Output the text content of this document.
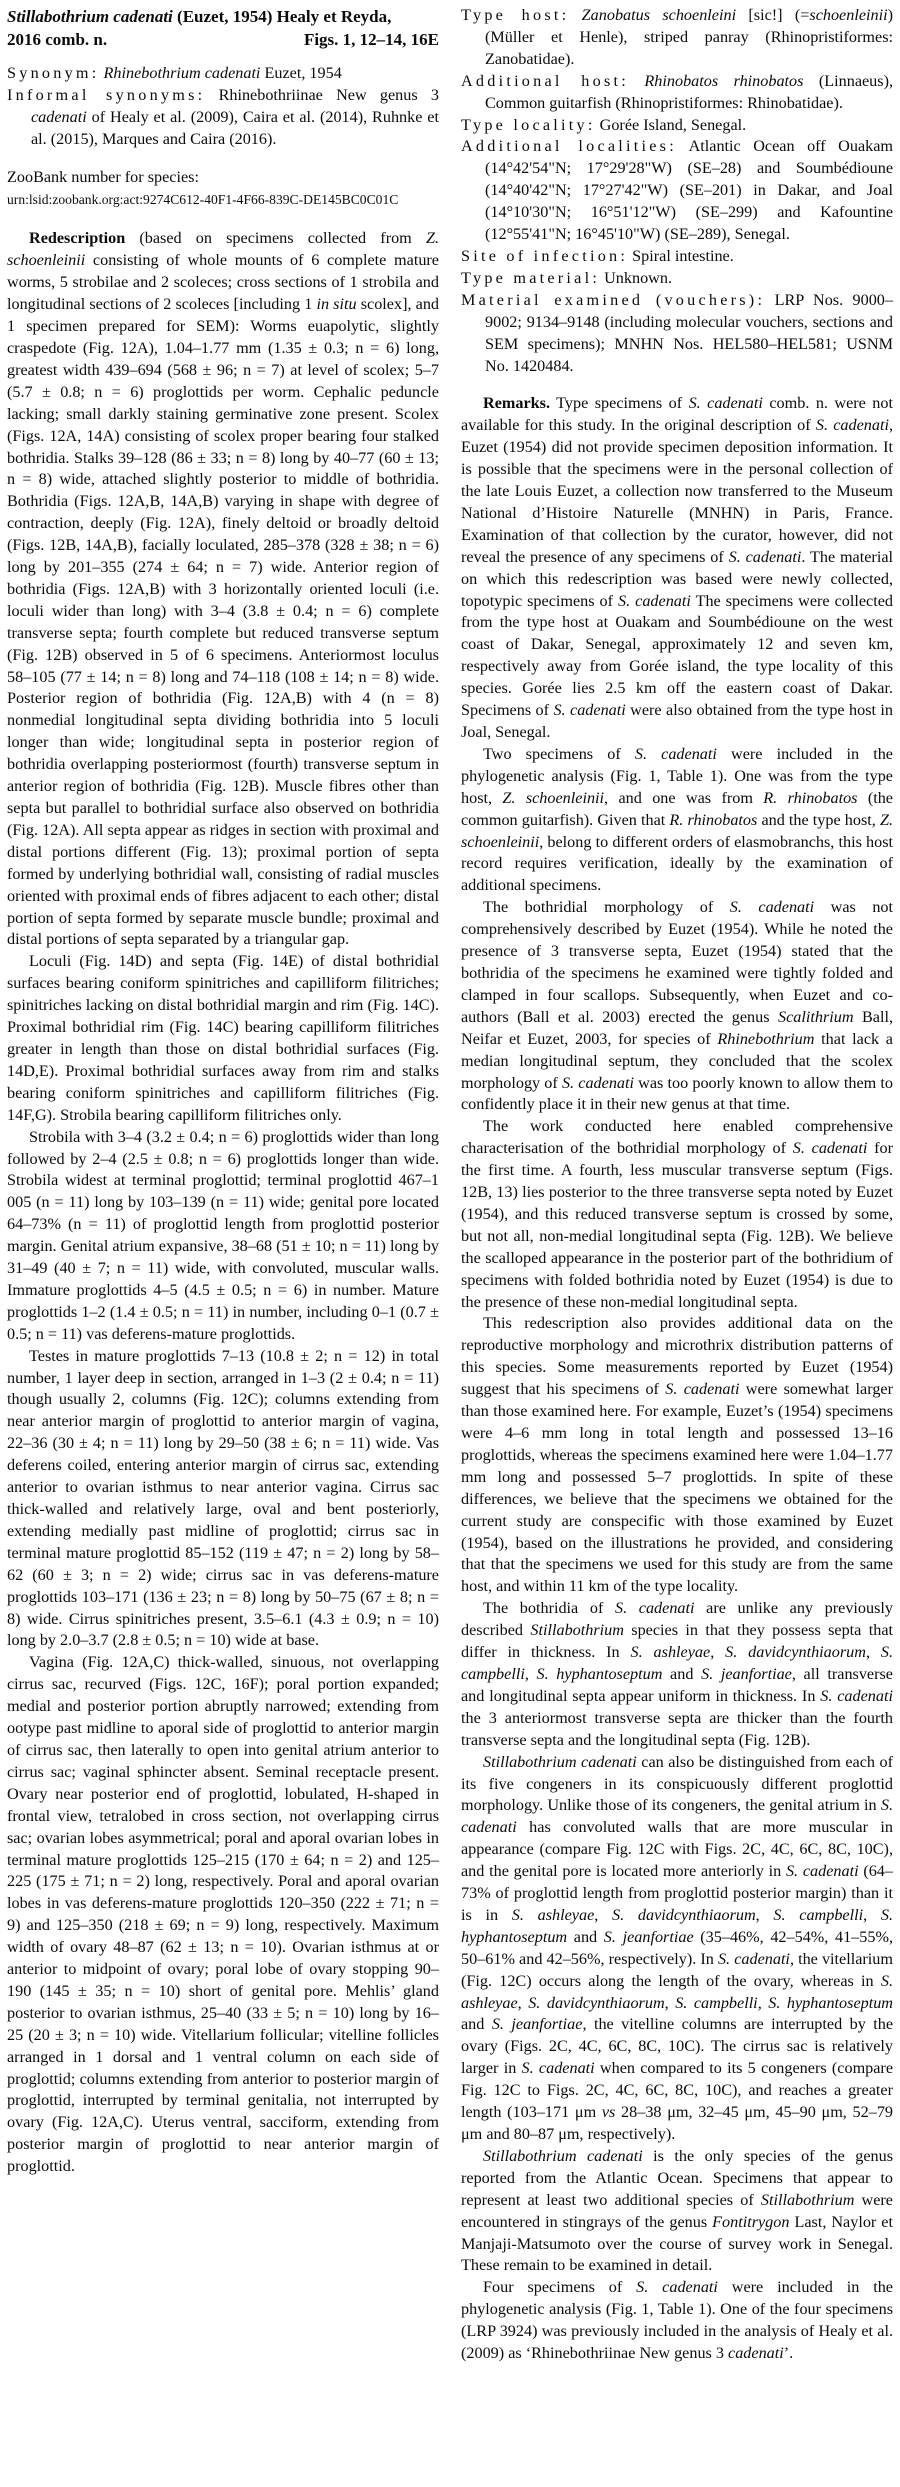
Stillabothrium cadenati (Euzet, 1954) Healy et Reyda,
2016 comb. n.	Figs. 1, 12–14, 16E

Synonym: Rhinebothrium cadenati Euzet, 1954

Informal synonyms: Rhinebothriinae New genus 3 cadenati of Healy et al. (2009), Caira et al. (2014), Ruhnke et al. (2015), Marques and Caira (2016).

ZooBank number for species:

urn:lsid:zoobank.org:act:9274C612-40F1-4F66-839C-DE145BC0C01C

Redescription (based on specimens collected from Z. schoenleinii consisting of whole mounts of 6 complete mature worms, 5 strobilae and 2 scoleces; cross sections of 1 strobila and longitudinal sections of 2 scoleces [including 1 in situ scolex], and 1 specimen prepared for SEM): Worms euapolytic, slightly craspedote (Fig. 12A), 1.04–1.77 mm (1.35 ± 0.3; n = 6) long, greatest width 439–694 (568 ± 96; n = 7) at level of scolex; 5–7 (5.7 ± 0.8; n = 6) proglottids per worm. Cephalic peduncle lacking; small darkly staining germinative zone present. Scolex (Figs. 12A, 14A) consisting of scolex proper bearing four stalked bothridia. Stalks 39–128 (86 ± 33; n = 8) long by 40–77 (60 ± 13; n = 8) wide, attached slightly posterior to middle of bothridia. Bothridia (Figs. 12A,B, 14A,B) varying in shape with degree of contraction, deeply (Fig. 12A), finely deltoid or broadly deltoid (Figs. 12B, 14A,B), facially loculated, 285–378 (328 ± 38; n = 6) long by 201–355 (274 ± 64; n = 7) wide. Anterior region of bothridia (Figs. 12A,B) with 3 horizontally oriented loculi (i.e. loculi wider than long) with 3–4 (3.8 ± 0.4; n = 6) complete transverse septa; fourth complete but reduced transverse septum (Fig. 12B) observed in 5 of 6 specimens. Anteriormost loculus 58–105 (77 ± 14; n = 8) long and 74–118 (108 ± 14; n = 8) wide. Posterior region of bothridia (Fig. 12A,B) with 4 (n = 8) nonmedial longitudinal septa dividing bothridia into 5 loculi longer than wide; longitudinal septa in posterior region of bothridia overlapping posteriormost (fourth) transverse septum in anterior region of bothridia (Fig. 12B). Muscle fibres other than septa but parallel to bothridial surface also observed on bothridia (Fig. 12A). All septa appear as ridges in section with proximal and distal portions different (Fig. 13); proximal portion of septa formed by underlying bothridial wall, consisting of radial muscles oriented with proximal ends of fibres adjacent to each other; distal portion of septa formed by separate muscle bundle; proximal and distal portions of septa separated by a triangular gap.

Loculi (Fig. 14D) and septa (Fig. 14E) of distal bothridial surfaces bearing coniform spinitriches and capilliform filitriches; spinitriches lacking on distal bothridial margin and rim (Fig. 14C). Proximal bothridial rim (Fig. 14C) bearing capilliform filitriches greater in length than those on distal bothridial surfaces (Fig. 14D,E). Proximal bothridial surfaces away from rim and stalks bearing coniform spinitriches and capilliform filitriches (Fig. 14F,G). Strobila bearing capilliform filitriches only.

Strobila with 3–4 (3.2 ± 0.4; n = 6) proglottids wider than long followed by 2–4 (2.5 ± 0.8; n = 6) proglottids longer than wide. Strobila widest at terminal proglottid; terminal proglottid 467–1 005 (n = 11) long by 103–139 (n = 11) wide; genital pore located 64–73% (n = 11) of proglottid length from proglottid posterior margin. Genital atrium expansive, 38–68 (51 ± 10; n = 11) long by 31–49 (40 ± 7; n = 11) wide, with convoluted, muscular walls. Immature proglottids 4–5 (4.5 ± 0.5; n = 6) in number. Mature proglottids 1–2 (1.4 ± 0.5; n = 11) in number, including 0–1 (0.7 ± 0.5; n = 11) vas deferens-mature proglottids.

Testes in mature proglottids 7–13 (10.8 ± 2; n = 12) in total number, 1 layer deep in section, arranged in 1–3 (2 ± 0.4; n = 11) though usually 2, columns (Fig. 12C); columns extending from near anterior margin of proglottid to anterior margin of vagina, 22–36 (30 ± 4; n = 11) long by 29–50 (38 ± 6; n = 11) wide. Vas deferens coiled, entering anterior margin of cirrus sac, extending anterior to ovarian isthmus to near anterior vagina. Cirrus sac thick-walled and relatively large, oval and bent posteriorly, extending medially past midline of proglottid; cirrus sac in terminal mature proglottid 85–152 (119 ± 47; n = 2) long by 58–62 (60 ± 3; n = 2) wide; cirrus sac in vas deferens-mature proglottids 103–171 (136 ± 23; n = 8) long by 50–75 (67 ± 8; n = 8) wide. Cirrus spinitriches present, 3.5–6.1 (4.3 ± 0.9; n = 10) long by 2.0–3.7 (2.8 ± 0.5; n = 10) wide at base.

Vagina (Fig. 12A,C) thick-walled, sinuous, not overlapping cirrus sac, recurved (Figs. 12C, 16F); poral portion expanded; medial and posterior portion abruptly narrowed; extending from ootype past midline to aporal side of proglottid to anterior margin of cirrus sac, then laterally to open into genital atrium anterior to cirrus sac; vaginal sphincter absent. Seminal receptacle present. Ovary near posterior end of proglottid, lobulated, H-shaped in frontal view, tetralobed in cross section, not overlapping cirrus sac; ovarian lobes asymmetrical; poral and aporal ovarian lobes in terminal mature proglottids 125–215 (170 ± 64; n = 2) and 125–225 (175 ± 71; n = 2) long, respectively. Poral and aporal ovarian lobes in vas deferens-mature proglottids 120–350 (222 ± 71; n = 9) and 125–350 (218 ± 69; n = 9) long, respectively. Maximum width of ovary 48–87 (62 ± 13; n = 10). Ovarian isthmus at or anterior to midpoint of ovary; poral lobe of ovary stopping 90–190 (145 ± 35; n = 10) short of genital pore. Mehlis’ gland posterior to ovarian isthmus, 25–40 (33 ± 5; n = 10) long by 16–25 (20 ± 3; n = 10) wide. Vitellarium follicular; vitelline follicles arranged in 1 dorsal and 1 ventral column on each side of proglottid; columns extending from anterior to posterior margin of proglottid, interrupted by terminal genitalia, not interrupted by ovary (Fig. 12A,C). Uterus ventral, sacciform, extending from posterior margin of proglottid to near anterior margin of proglottid.

Type host: Zanobatus schoenleini [sic!] (=schoenleinii) (Müller et Henle), striped panray (Rhinopristiformes: Zanobatidae).

Additional host: Rhinobatos rhinobatos (Linnaeus), Common guitarfish (Rhinopristiformes: Rhinobatidae).

Type locality: Gorée Island, Senegal.

Additional localities: Atlantic Ocean off Ouakam (14°42'54"N; 17°29'28"W) (SE–28) and Soumbédioune (14°40'42"N; 17°27'42"W) (SE–201) in Dakar, and Joal (14°10'30"N; 16°51'12"W) (SE–299) and Kafountine (12°55'41"N; 16°45'10"W) (SE–289), Senegal.

Site of infection: Spiral intestine.

Type material: Unknown.

Material examined (vouchers): LRP Nos. 9000–9002; 9134–9148 (including molecular vouchers, sections and SEM specimens); MNHN Nos. HEL580–HEL581; USNM No. 1420484.

Remarks. Type specimens of S. cadenati comb. n. were not available for this study. In the original description of S. cadenati, Euzet (1954) did not provide specimen deposition information. It is possible that the specimens were in the personal collection of the late Louis Euzet, a collection now transferred to the Museum National d’Histoire Naturelle (MNHN) in Paris, France. Examination of that collection by the curator, however, did not reveal the presence of any specimens of S. cadenati. The material on which this redescription was based were newly collected, topotypic specimens of S. cadenati The specimens were collected from the type host at Ouakam and Soumbédioune on the west coast of Dakar, Senegal, approximately 12 and seven km, respectively away from Gorée island, the type locality of this species. Gorée lies 2.5 km off the eastern coast of Dakar. Specimens of S. cadenati were also obtained from the type host in Joal, Senegal.

Two specimens of S. cadenati were included in the phylogenetic analysis (Fig. 1, Table 1). One was from the type host, Z. schoenleinii, and one was from R. rhinobatos (the common guitarfish). Given that R. rhinobatos and the type host, Z. schoenleinii, belong to different orders of elasmobranchs, this host record requires verification, ideally by the examination of additional specimens.

The bothridial morphology of S. cadenati was not comprehensively described by Euzet (1954). While he noted the presence of 3 transverse septa, Euzet (1954) stated that the bothridia of the specimens he examined were tightly folded and clamped in four scallops. Subsequently, when Euzet and co-authors (Ball et al. 2003) erected the genus Scalithrium Ball, Neifar et Euzet, 2003, for species of Rhinebothrium that lack a median longitudinal septum, they concluded that the scolex morphology of S. cadenati was too poorly known to allow them to confidently place it in their new genus at that time.

The work conducted here enabled comprehensive characterisation of the bothridial morphology of S. cadenati for the first time. A fourth, less muscular transverse septum (Figs. 12B, 13) lies posterior to the three transverse septa noted by Euzet (1954), and this reduced transverse septum is crossed by some, but not all, non-medial longitudinal septa (Fig. 12B). We believe the scalloped appearance in the posterior part of the bothridium of specimens with folded bothridia noted by Euzet (1954) is due to the presence of these non-medial longitudinal septa.

This redescription also provides additional data on the reproductive morphology and microthrix distribution patterns of this species. Some measurements reported by Euzet (1954) suggest that his specimens of S. cadenati were somewhat larger than those examined here. For example, Euzet’s (1954) specimens were 4–6 mm long in total length and possessed 13–16 proglottids, whereas the specimens examined here were 1.04–1.77 mm long and possessed 5–7 proglottids. In spite of these differences, we believe that the specimens we obtained for the current study are conspecific with those examined by Euzet (1954), based on the illustrations he provided, and considering that that the specimens we used for this study are from the same host, and within 11 km of the type locality.

The bothridia of S. cadenati are unlike any previously described Stillabothrium species in that they possess septa that differ in thickness. In S. ashleyae, S. davidcynthiaorum, S. campbelli, S. hyphantoseptum and S. jeanfortiae, all transverse and longitudinal septa appear uniform in thickness. In S. cadenati the 3 anteriormost transverse septa are thicker than the fourth transverse septa and the longitudinal septa (Fig. 12B).

Stillabothrium cadenati can also be distinguished from each of its five congeners in its conspicuously different proglottid morphology. Unlike those of its congeners, the genital atrium in S. cadenati has convoluted walls that are more muscular in appearance (compare Fig. 12C with Figs. 2C, 4C, 6C, 8C, 10C), and the genital pore is located more anteriorly in S. cadenati (64–73% of proglottid length from proglottid posterior margin) than it is in S. ashleyae, S. davidcynthiaorum, S. campbelli, S. hyphantoseptum and S. jeanfortiae (35–46%, 42–54%, 41–55%, 50–61% and 42–56%, respectively). In S. cadenati, the vitellarium (Fig. 12C) occurs along the length of the ovary, whereas in S. ashleyae, S. davidcynthiaorum, S. campbelli, S. hyphantoseptum and S. jeanfortiae, the vitelline columns are interrupted by the ovary (Figs. 2C, 4C, 6C, 8C, 10C). The cirrus sac is relatively larger in S. cadenati when compared to its 5 congeners (compare Fig. 12C to Figs. 2C, 4C, 6C, 8C, 10C), and reaches a greater length (103–171 μm vs 28–38 μm, 32–45 μm, 45–90 μm, 52–79 μm and 80–87 μm, respectively).

Stillabothrium cadenati is the only species of the genus reported from the Atlantic Ocean. Specimens that appear to represent at least two additional species of Stillabothrium were encountered in stingrays of the genus Fontitrygon Last, Naylor et Manjaji-Matsumoto over the course of survey work in Senegal. These remain to be examined in detail.

Four specimens of S. cadenati were included in the phylogenetic analysis (Fig. 1, Table 1). One of the four specimens (LRP 3924) was previously included in the analysis of Healy et al. (2009) as ‘Rhinebothriinae New genus 3 cadenati’.
